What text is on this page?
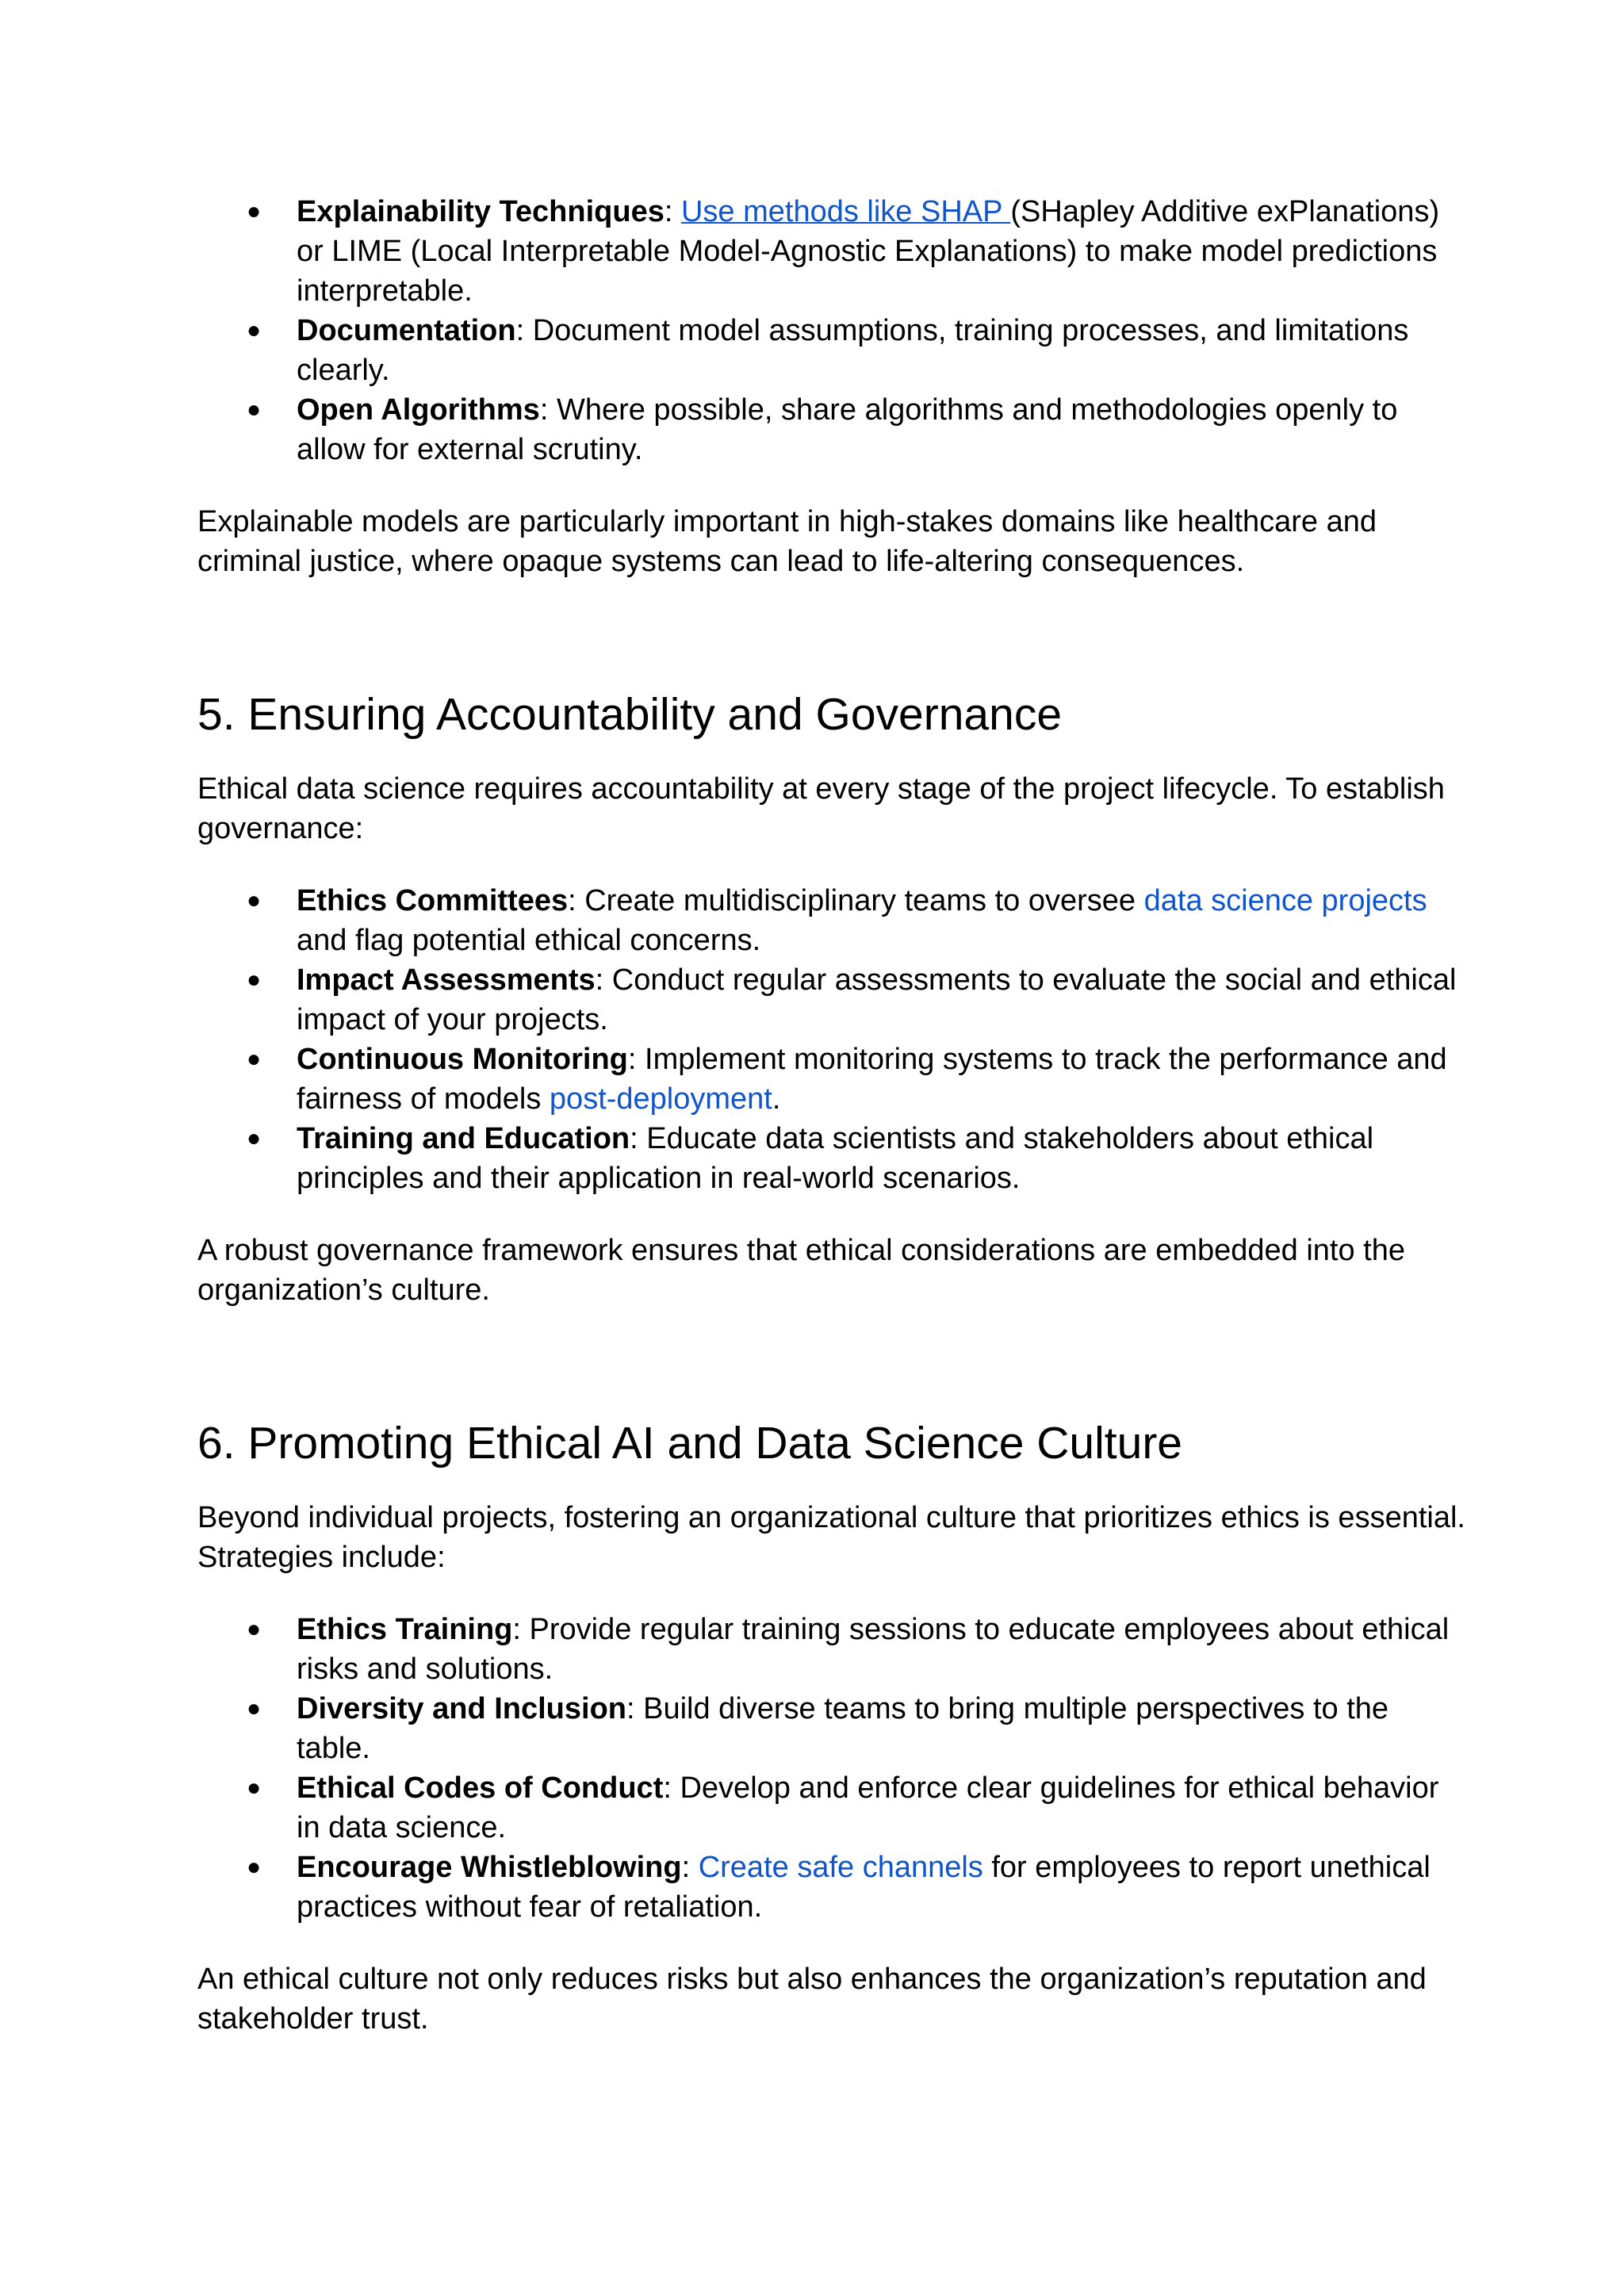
● Explainability Techniques: Use methods like SHAP (SHapley Additive exPlanations) or LIME (Local Interpretable Model-Agnostic Explanations) to make model predictions interpretable.
● Documentation: Document model assumptions, training processes, and limitations clearly.
● Open Algorithms: Where possible, share algorithms and methodologies openly to allow for external scrutiny.

Explainable models are particularly important in high-stakes domains like healthcare and criminal justice, where opaque systems can lead to life-altering consequences.

5. Ensuring Accountability and Governance

Ethical data science requires accountability at every stage of the project lifecycle. To establish governance:

● Ethics Committees: Create multidisciplinary teams to oversee data science projects and flag potential ethical concerns.
● Impact Assessments: Conduct regular assessments to evaluate the social and ethical impact of your projects.
● Continuous Monitoring: Implement monitoring systems to track the performance and fairness of models post-deployment.
● Training and Education: Educate data scientists and stakeholders about ethical principles and their application in real-world scenarios.

A robust governance framework ensures that ethical considerations are embedded into the organization’s culture.

6. Promoting Ethical AI and Data Science Culture

Beyond individual projects, fostering an organizational culture that prioritizes ethics is essential. Strategies include:

● Ethics Training: Provide regular training sessions to educate employees about ethical risks and solutions.
● Diversity and Inclusion: Build diverse teams to bring multiple perspectives to the table.
● Ethical Codes of Conduct: Develop and enforce clear guidelines for ethical behavior in data science.
● Encourage Whistleblowing: Create safe channels for employees to report unethical practices without fear of retaliation.

An ethical culture not only reduces risks but also enhances the organization’s reputation and stakeholder trust.
